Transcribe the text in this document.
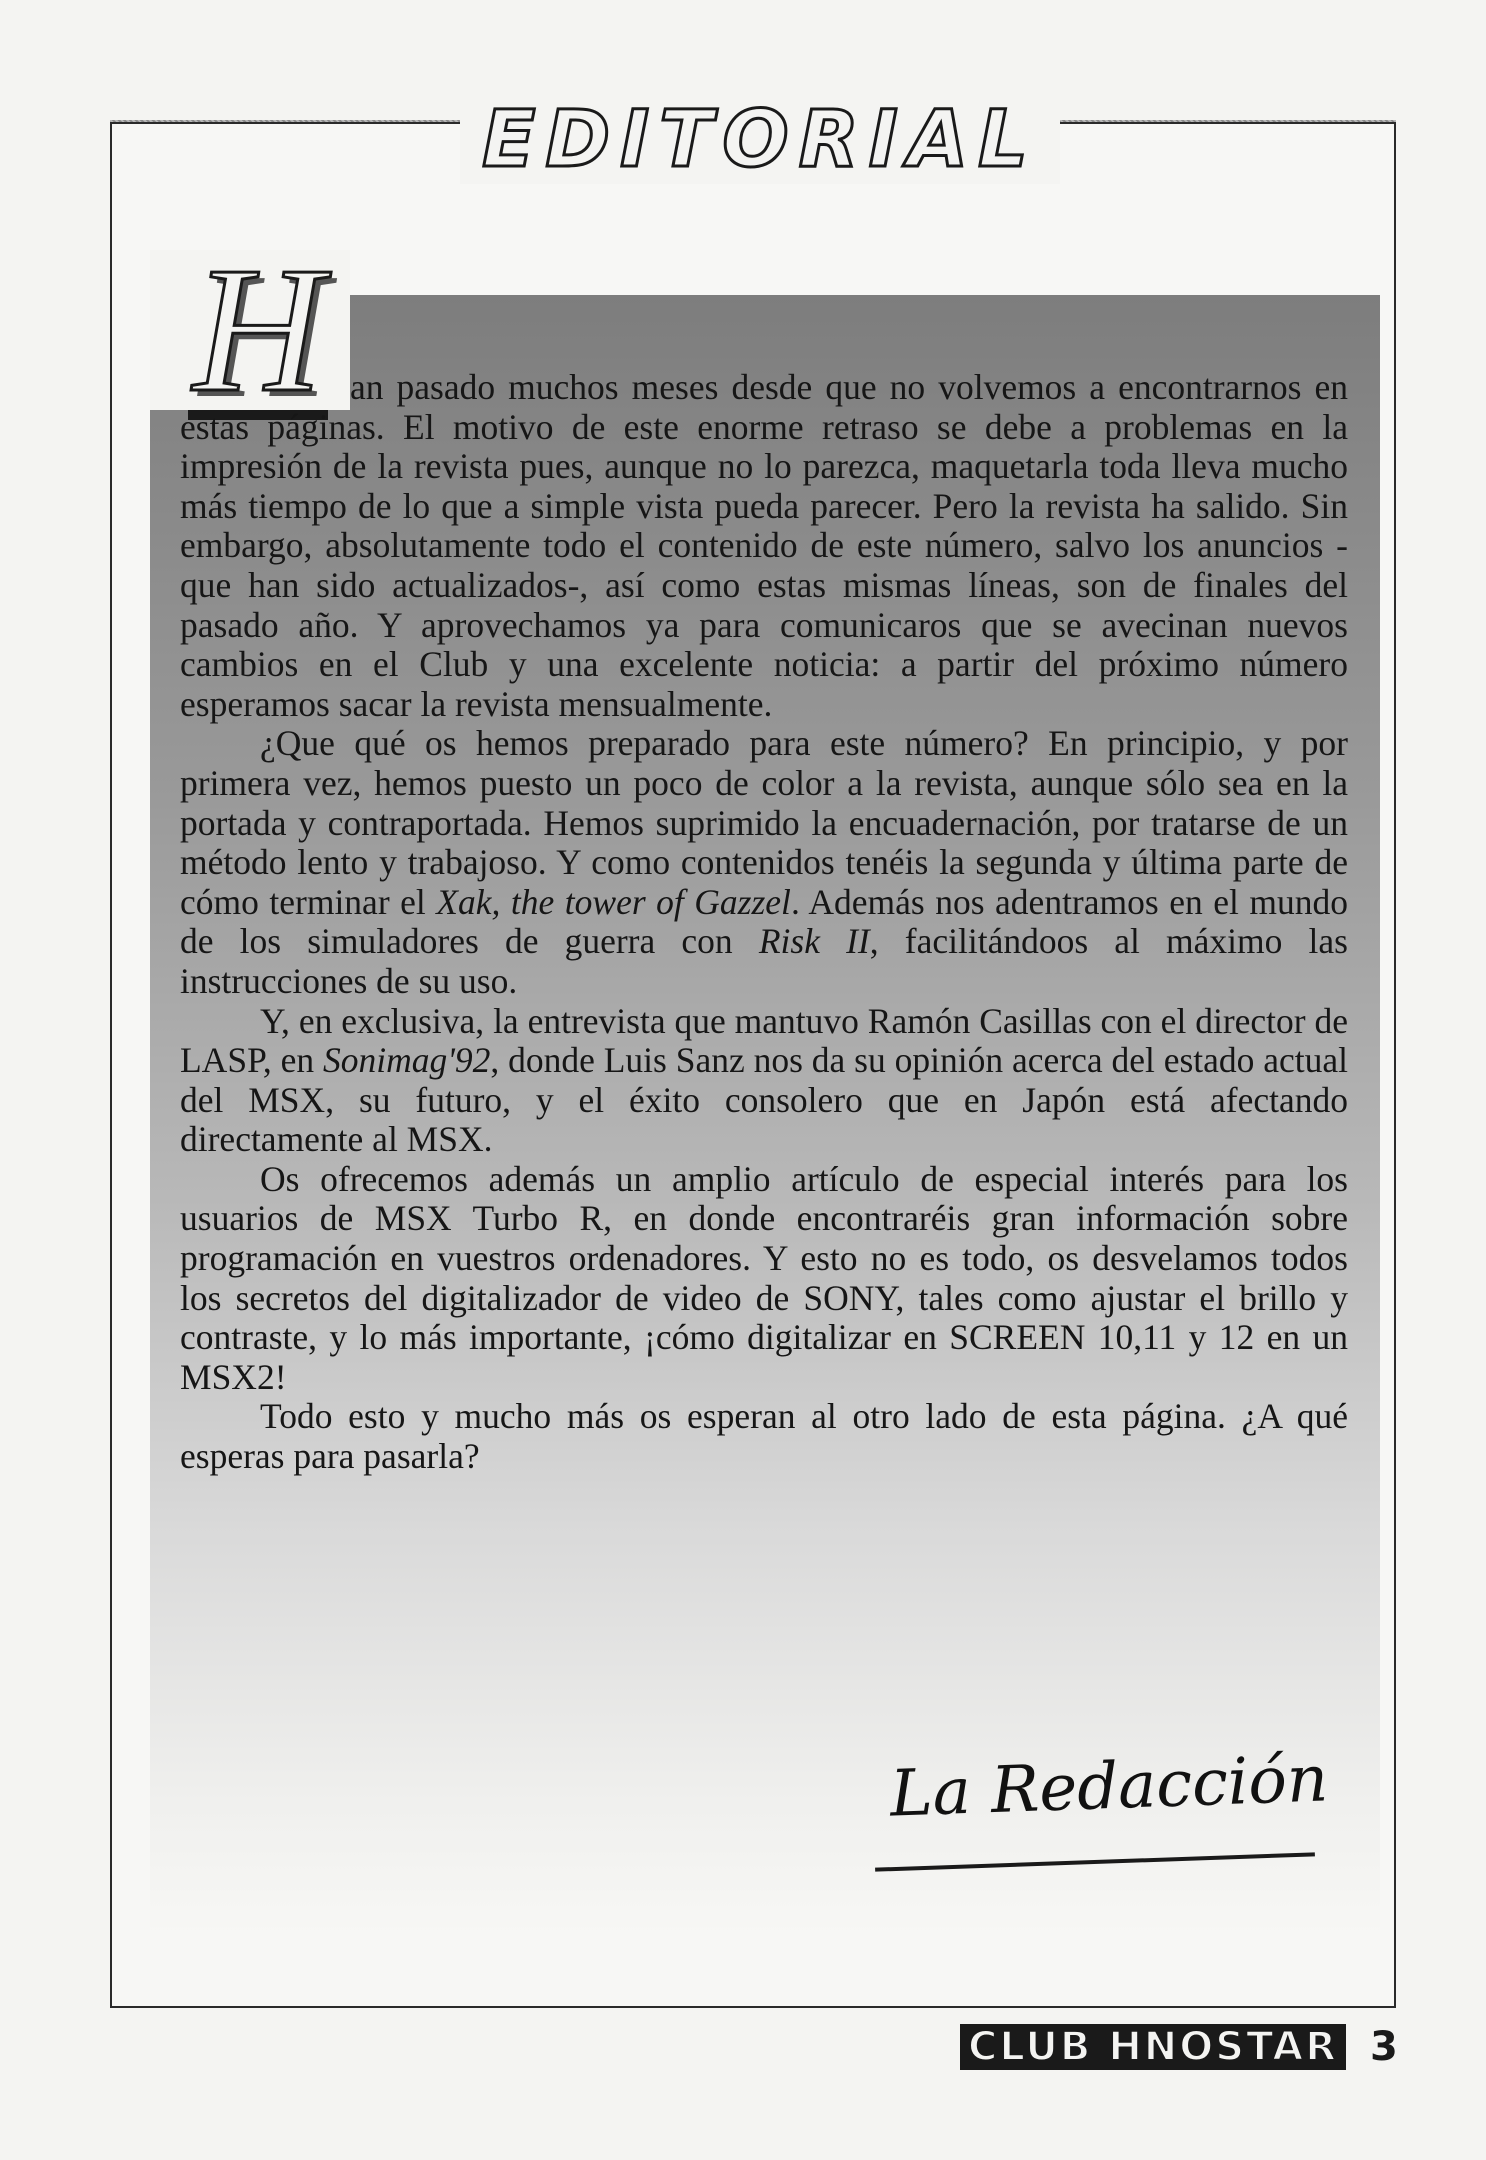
EDITORIAL
H an pasado muchos meses desde que no volvemos a encontrarnos en estas páginas. El motivo de este enorme retraso se debe a problemas en la impresión de la revista pues, aunque no lo parezca, maquetarla toda lleva mucho más tiempo de lo que a simple vista pueda parecer. Pero la revista ha salido. Sin embargo, absolutamente todo el contenido de este número, salvo los anuncios -que han sido actualizados-, así como estas mismas líneas, son de finales del pasado año. Y aprovechamos ya para comunicaros que se avecinan nuevos cambios en el Club y una excelente noticia: a partir del próximo número esperamos sacar la revista mensualmente.

¿Que qué os hemos preparado para este número? En principio, y por primera vez, hemos puesto un poco de color a la revista, aunque sólo sea en la portada y contraportada. Hemos suprimido la encuadernación, por tratarse de un método lento y trabajoso. Y como contenidos tenéis la segunda y última parte de cómo terminar el Xak, the tower of Gazzel. Además nos adentramos en el mundo de los simuladores de guerra con Risk II, facilitándoos al máximo las instrucciones de su uso.

Y, en exclusiva, la entrevista que mantuvo Ramón Casillas con el director de LASP, en Sonimag'92, donde Luis Sanz nos da su opinión acerca del estado actual del MSX, su futuro, y el éxito consolero que en Japón está afectando directamente al MSX.

Os ofrecemos además un amplio artículo de especial interés para los usuarios de MSX Turbo R, en donde encontraréis gran información sobre programación en vuestros ordenadores. Y esto no es todo, os desvelamos todos los secretos del digitalizador de video de SONY, tales como ajustar el brillo y contraste, y lo más importante, ¡cómo digitalizar en SCREEN 10,11 y 12 en un MSX2!

Todo esto y mucho más os esperan al otro lado de esta página. ¿A qué esperas para pasarla?

La Redacción
CLUB HNOSTAR 3
